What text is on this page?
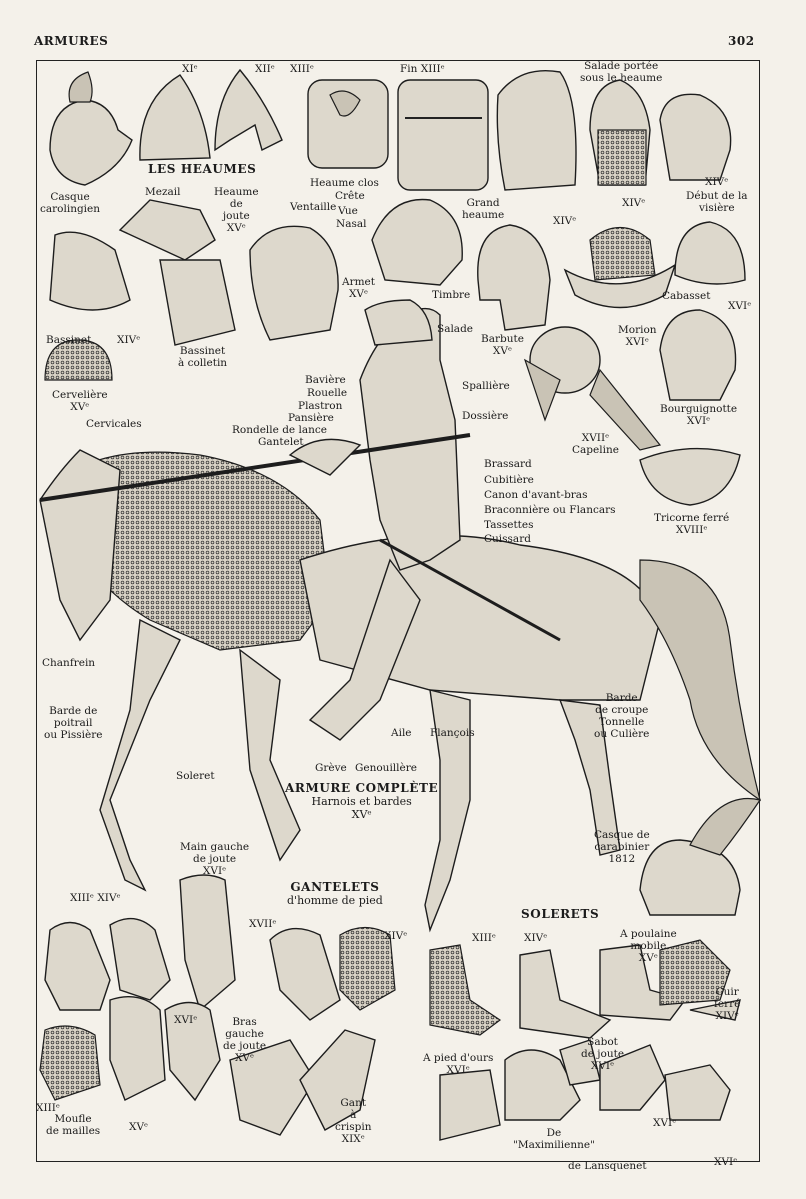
ARMURES	302
LES HEAUMES
ARMURE COMPLÈTE
Harnois et bardes
XVᵉ
GANTELETS
d'homme de pied
SOLERETS
XIᵉ	XIIᵉ XIIIᵉ	Fin XIIIᵉ	Salade portée
sous le heaume
Casque
carolingien
Mezail	Heaume
de
joute
XVᵉ
Heaume clos
Crête
Vue
Nasal
Ventaille	Grand
heaume	XIVᵉ
XIVᵉ
XIVᵉ
Début de la
visière
Bassinet XIVᵉ
Bassinet
à colletin
Armet
XVᵉ	Timbre
Barbute
XVᵉ
Cabasset
XVIᵉ
Morion
XVIᵉ
Salade
Cervelière
XVᵉ
Bavière
Rouelle
Plastron
Pansière
Spallière
Dossière
Cervicales	Rondelle de lance
Gantelet
Bourguignotte
XVIᵉ
XVIIᵉ
Capeline
Brassard
Cubitière
Canon d'avant-bras
Braconnière ou Flancars
Tassettes
Cuissard
Tricorne ferré
XVIIIᵉ
Chanfrein
Barde de
poitrail
ou Pissière	Aile Flançois
Barde
de croupe
Tonnelle
ou Culière
Soleret
Grève Genouillère
Casque de
carabinier
1812
Main gauche
de joute
XVIᵉ
XIIIᵉ XIVᵉ
XVIIᵉ
XIVᵉ	XIIIᵉ	XIVᵉ	A poulaine
mobile
XVᵉ
Cuir
ferré
XIVᵉ
XVIᵉ	Bras
gauche
de joute
XVᵉ
XIIIᵉ
Moufle
de mailles	XVᵉ
Gant
à
crispin
XIXᵉ
A pied d'ours
XVIᵉ
Sabot
de joute
XVIᵉ
De
"Maximilienne"
XVIᵉ
de Lansquenet	XVIᵉ
